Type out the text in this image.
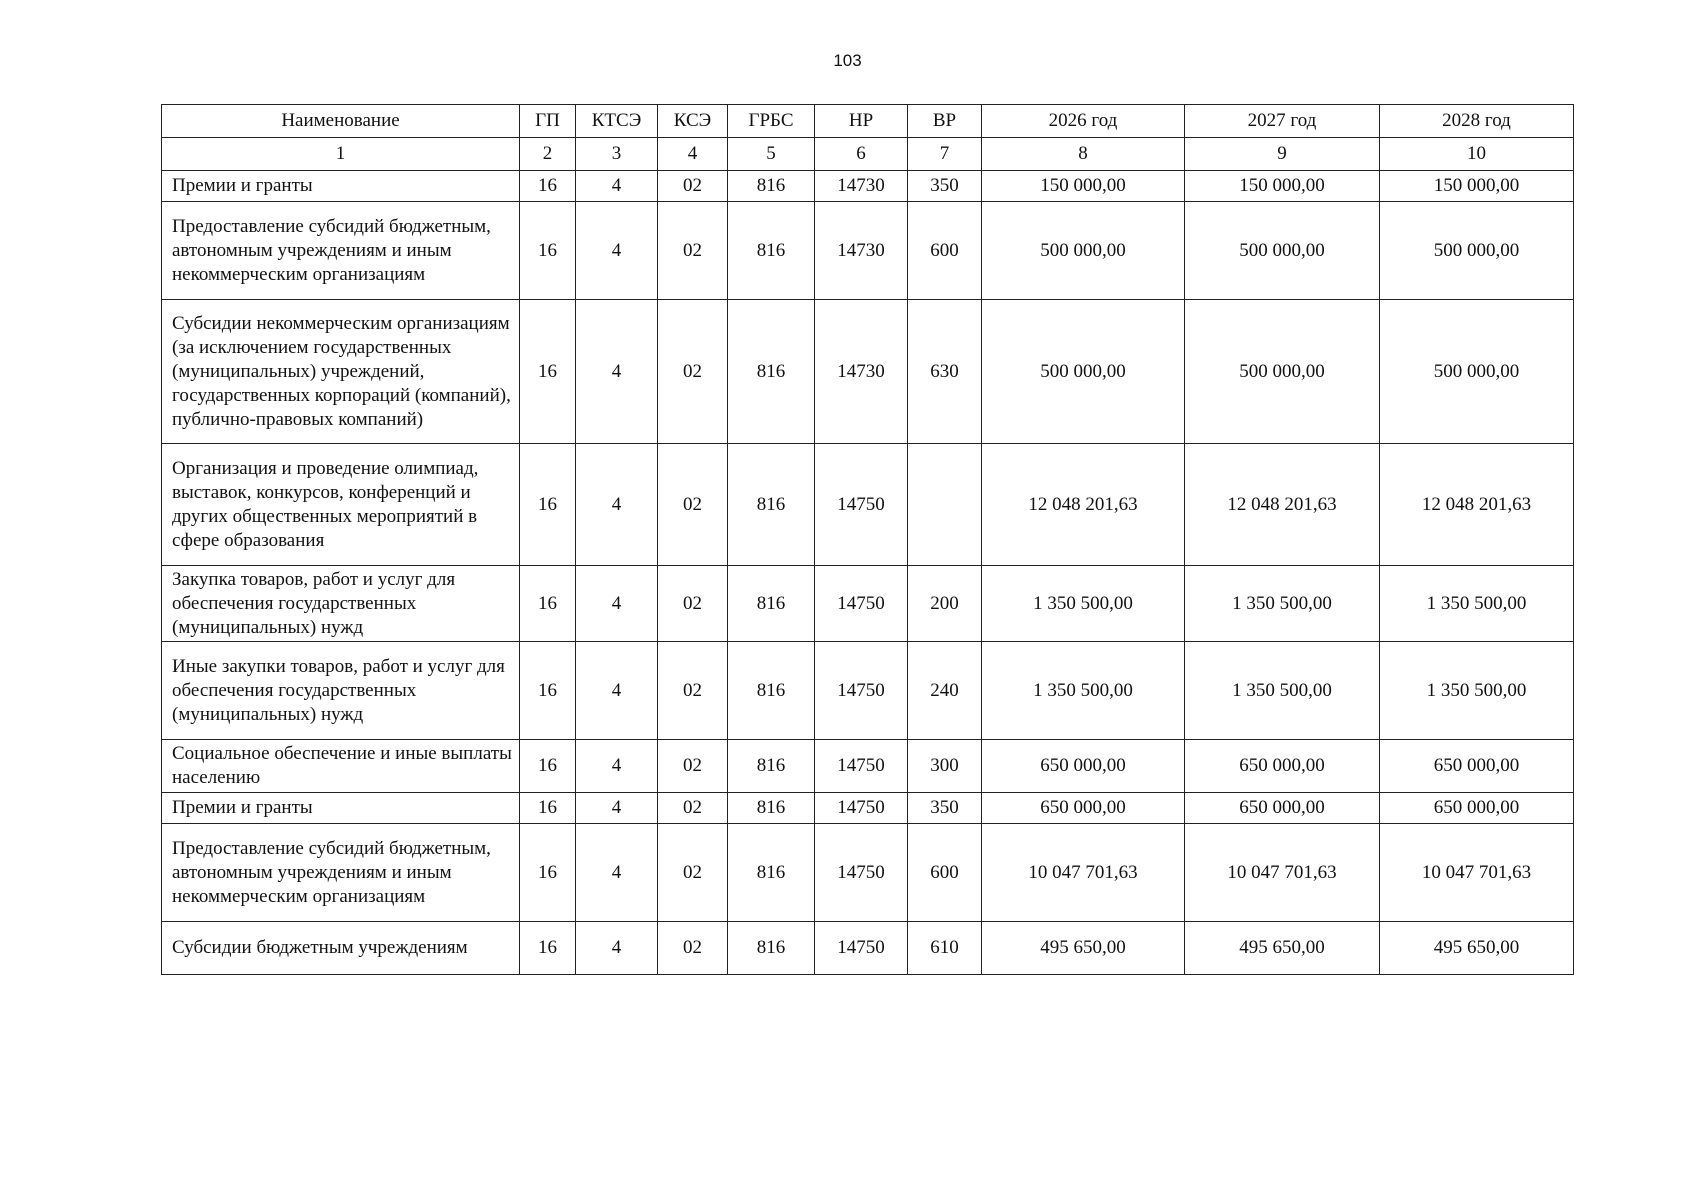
103
Наименование	ГП	КТСЭ	КСЭ	ГРБС	НР	ВР	2026 год	2027 год	2028 год
1	2	3	4	5	6	7	8	9	10
Премии и гранты	16	4	02	816	14730	350	150 000,00	150 000,00	150 000,00
Предоставление субсидий бюджетным, автономным учреждениям и иным некоммерческим организациям	16	4	02	816	14730	600	500 000,00	500 000,00	500 000,00
Субсидии некоммерческим организациям (за исключением государственных (муниципальных) учреждений, государственных корпораций (компаний), публично-правовых компаний)	16	4	02	816	14730	630	500 000,00	500 000,00	500 000,00
Организация и проведение олимпиад, выставок, конкурсов, конференций и других общественных мероприятий в сфере образования	16	4	02	816	14750		12 048 201,63	12 048 201,63	12 048 201,63
Закупка товаров, работ и услуг для обеспечения государственных (муниципальных) нужд	16	4	02	816	14750	200	1 350 500,00	1 350 500,00	1 350 500,00
Иные закупки товаров, работ и услуг для обеспечения государственных (муниципальных) нужд	16	4	02	816	14750	240	1 350 500,00	1 350 500,00	1 350 500,00
Социальное обеспечение и иные выплаты населению	16	4	02	816	14750	300	650 000,00	650 000,00	650 000,00
Премии и гранты	16	4	02	816	14750	350	650 000,00	650 000,00	650 000,00
Предоставление субсидий бюджетным, автономным учреждениям и иным некоммерческим организациям	16	4	02	816	14750	600	10 047 701,63	10 047 701,63	10 047 701,63
Субсидии бюджетным учреждениям	16	4	02	816	14750	610	495 650,00	495 650,00	495 650,00
